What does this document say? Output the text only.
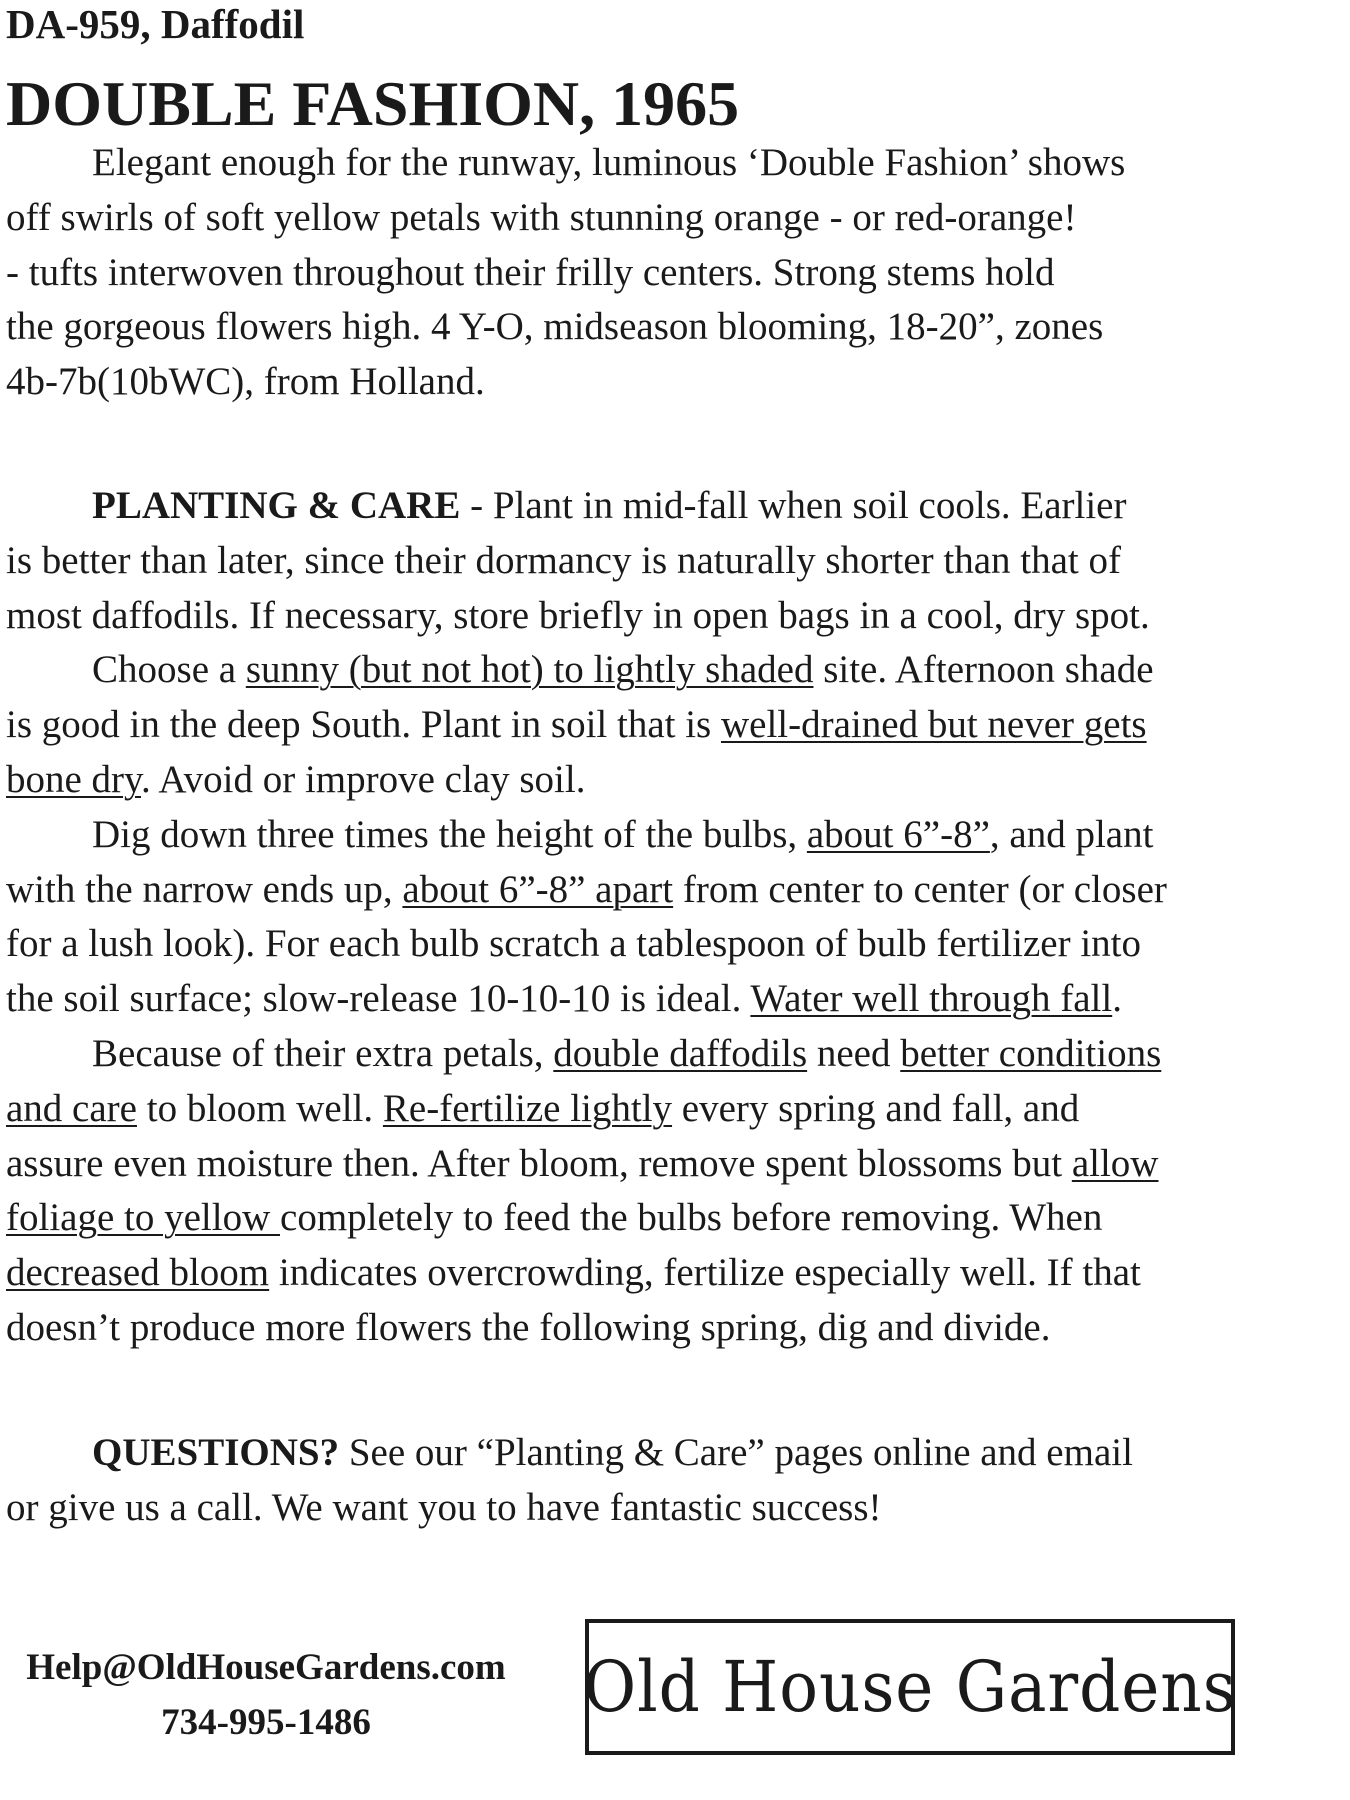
DA-959, Daffodil
DOUBLE FASHION, 1965
Elegant enough for the runway, luminous ‘Double Fashion’ shows
off swirls of soft yellow petals with stunning orange - or red-orange!
- tufts interwoven throughout their frilly centers. Strong stems hold
the gorgeous flowers high. 4 Y-O, midseason blooming, 18-20”, zones
4b-7b(10bWC), from Holland.
PLANTING & CARE - Plant in mid-fall when soil cools. Earlier
is better than later, since their dormancy is naturally shorter than that of
most daffodils. If necessary, store briefly in open bags in a cool, dry spot.
Choose a sunny (but not hot) to lightly shaded site. Afternoon shade
is good in the deep South. Plant in soil that is well-drained but never gets
bone dry. Avoid or improve clay soil.
Dig down three times the height of the bulbs, about 6”-8”, and plant
with the narrow ends up, about 6”-8” apart from center to center (or closer
for a lush look). For each bulb scratch a tablespoon of bulb fertilizer into
the soil surface; slow-release 10-10-10 is ideal. Water well through fall.
Because of their extra petals, double daffodils need better conditions
and care to bloom well. Re-fertilize lightly every spring and fall, and
assure even moisture then. After bloom, remove spent blossoms but allow
foliage to yellow completely to feed the bulbs before removing. When
decreased bloom indicates overcrowding, fertilize especially well. If that
doesn’t produce more flowers the following spring, dig and divide.
QUESTIONS? See our “Planting & Care” pages online and email
or give us a call. We want you to have fantastic success!
Help@OldHouseGardens.com
734-995-1486	Old House Gardens
